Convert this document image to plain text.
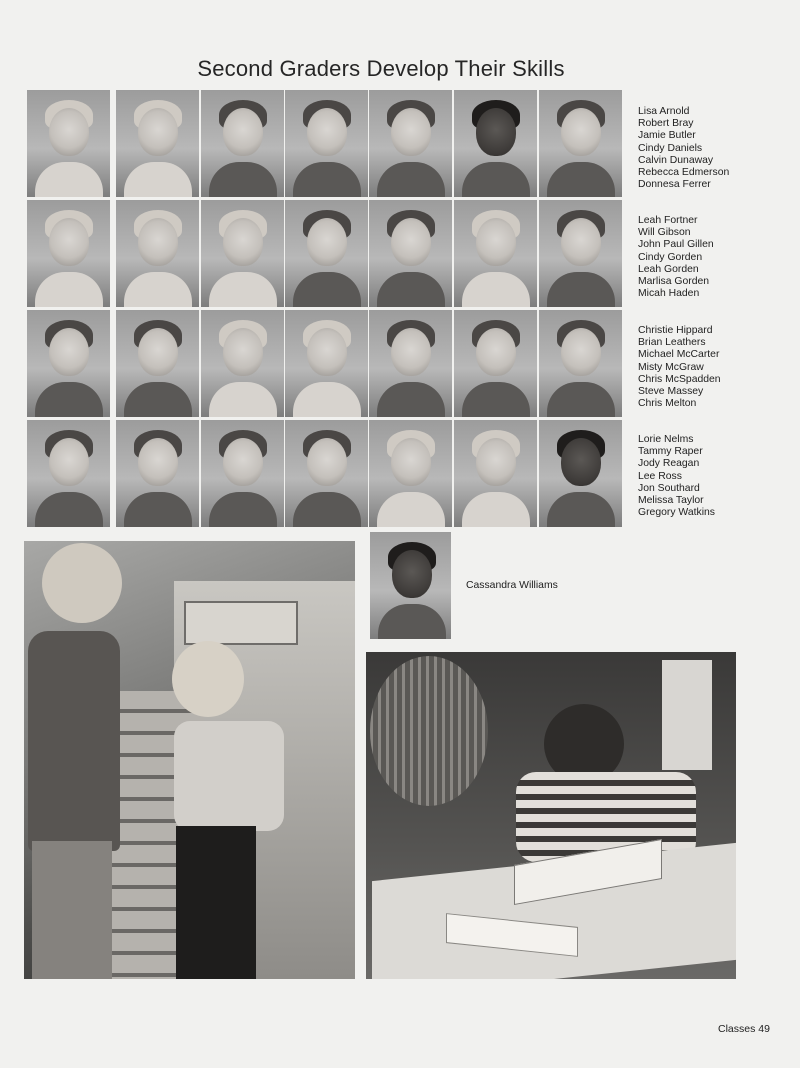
Second Graders Develop Their Skills
Lisa Arnold
Robert Bray
Jamie Butler
Cindy Daniels
Calvin Dunaway
Rebecca Edmerson
Donnesa Ferrer
Leah Fortner
Will Gibson
John Paul Gillen
Cindy Gorden
Leah Gorden
Marlisa Gorden
Micah Haden
Christie Hippard
Brian Leathers
Michael McCarter
Misty McGraw
Chris McSpadden
Steve Massey
Chris Melton
Lorie Nelms
Tammy Raper
Jody Reagan
Lee Ross
Jon Southard
Melissa Taylor
Gregory Watkins
Cassandra Williams
Classes 49
